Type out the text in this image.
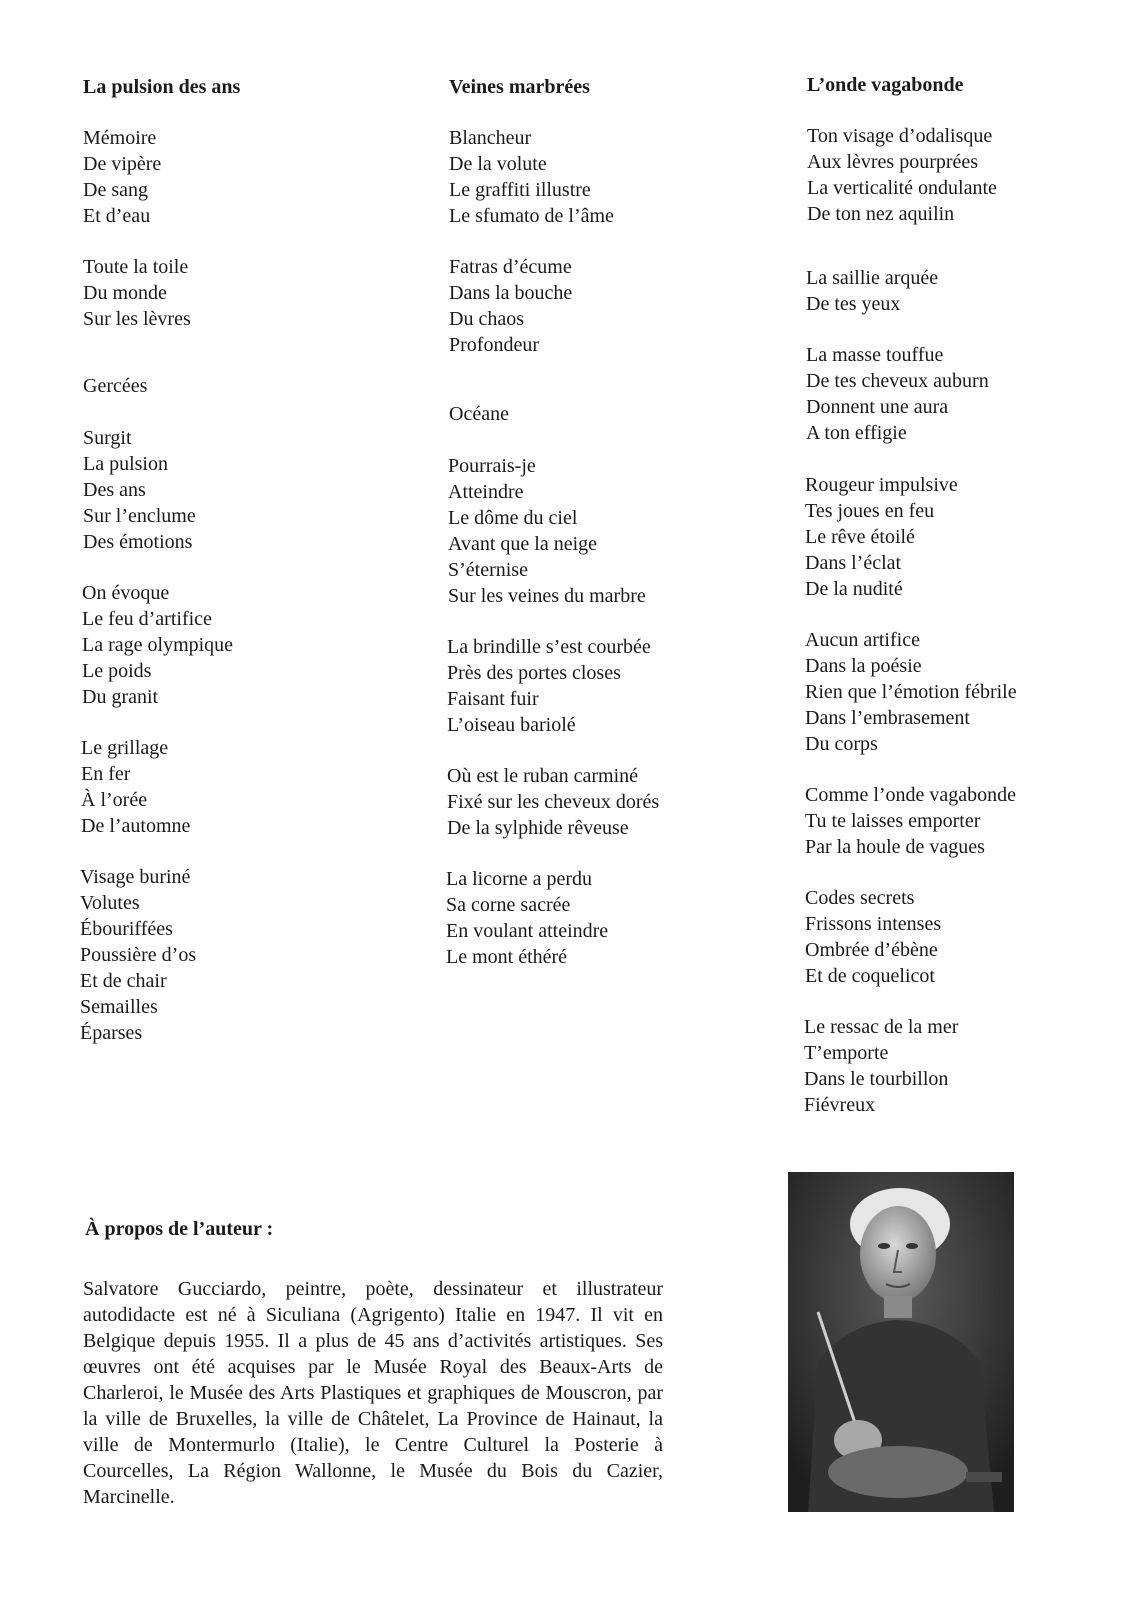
La pulsion des ans
Mémoire
De vipère
De sang
Et d’eau
Toute la toile
Du monde
Sur les lèvres
Gercées
Surgit
La pulsion
Des ans
Sur l’enclume
Des émotions
On évoque
Le feu d’artifice
La rage olympique
Le poids
Du granit
Le grillage
En fer
À l’orée
De l’automne
Visage buriné
Volutes
Ébouriffées
Poussière d’os
Et de chair
Semailles
Éparses
Veines marbrées
Blancheur
De la volute
Le graffiti illustre
Le sfumato de l’âme
Fatras d’écume
Dans la bouche
Du chaos
Profondeur
Océane
Pourrais-je
Atteindre
Le dôme du ciel
Avant que la neige
S’éternise
Sur les veines du marbre
La brindille s’est courbée
Près des portes closes
Faisant fuir
L’oiseau bariolé
Où est le ruban carminé
Fixé sur les cheveux dorés
De la sylphide rêveuse
La licorne a perdu
Sa corne sacrée
En voulant atteindre
Le mont éthéré
L’onde vagabonde
Ton visage d’odalisque
Aux lèvres pourprées
La verticalité ondulante
De ton nez aquilin
La saillie arquée
De tes yeux
La masse touffue
De tes cheveux auburn
Donnent une aura
A ton effigie
Rougeur impulsive
Tes joues en feu
Le rêve étoilé
Dans l’éclat
De la nudité
Aucun artifice
Dans la poésie
Rien que l’émotion fébrile
Dans l’embrasement
Du corps
Comme l’onde vagabonde
Tu te laisses emporter
Par la houle de vagues
Codes secrets
Frissons intenses
Ombrée d’ébène
Et de coquelicot
Le ressac de la mer
T’emporte
Dans le tourbillon
Fiévreux
À propos de l’auteur :
Salvatore Gucciardo, peintre, poète, dessinateur et illustrateur autodidacte est né à Siculiana (Agrigento) Italie en 1947. Il vit en Belgique depuis 1955. Il a plus de 45 ans d’activités artistiques. Ses œuvres ont été acquises par le Musée Royal des Beaux-Arts de Charleroi, le Musée des Arts Plastiques et graphiques de Mouscron, par la ville de Bruxelles, la ville de Châtelet, La Province de Hainaut, la ville de Montermurlo (Italie), le Centre Culturel la Posterie à Courcelles, La Région Wallonne, le Musée du Bois du Cazier, Marcinelle.
